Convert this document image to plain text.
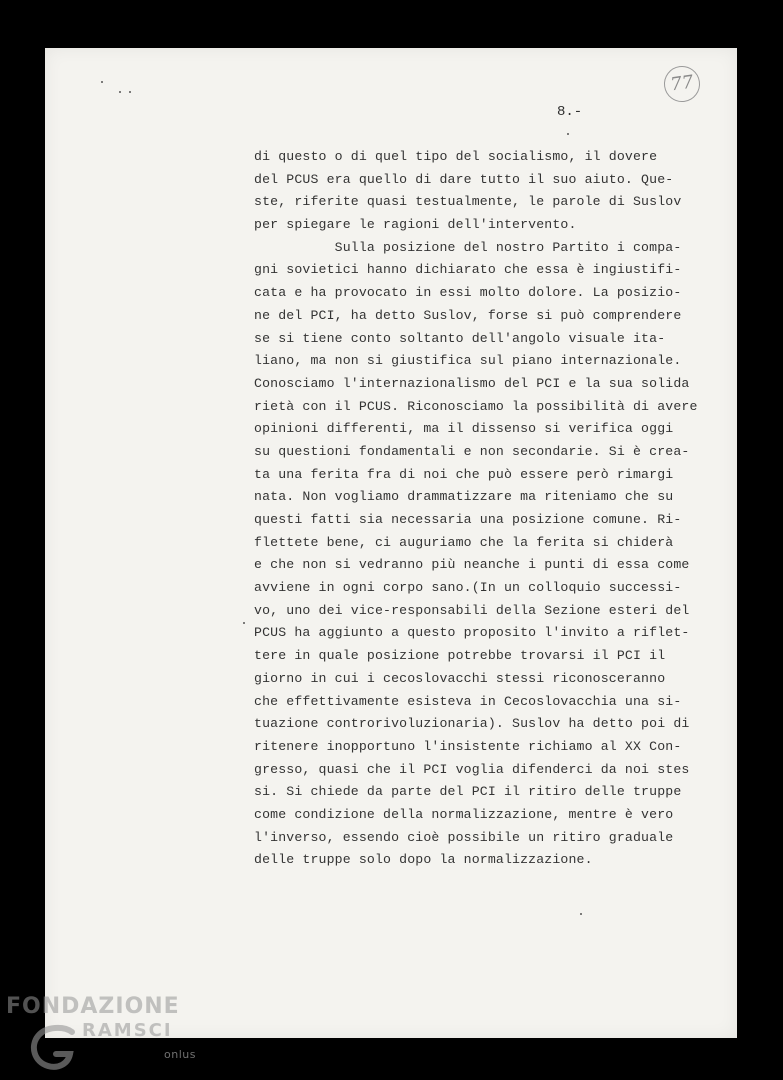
77
8.-
di questo o di quel tipo del socialismo, il dovere
del PCUS era quello di dare tutto il suo aiuto. Que-
ste, riferite quasi testualmente, le parole di Suslov
per spiegare le ragioni dell'intervento.
Sulla posizione del nostro Partito i compa-
gni sovietici hanno dichiarato che essa è ingiustifi-
cata e ha provocato in essi molto dolore. La posizio-
ne del PCI, ha detto Suslov, forse si può comprendere
se si tiene conto soltanto dell'angolo visuale ita-
liano, ma non si giustifica sul piano internazionale.
Conosciamo l'internazionalismo del PCI e la sua solida
rietà con il PCUS. Riconosciamo la possibilità di avere
opinioni differenti, ma il dissenso si verifica oggi
su questioni fondamentali e non secondarie. Si è crea-
ta una ferita fra di noi che può essere però rimargi
nata. Non vogliamo drammatizzare ma riteniamo che su
questi fatti sia necessaria una posizione comune. Ri-
flettete bene, ci auguriamo che la ferita si chiderà
e che non si vedranno più neanche i punti di essa come
avviene in ogni corpo sano.(In un colloquio successi-
vo, uno dei vice-responsabili della Sezione esteri del
PCUS ha aggiunto a questo proposito l'invito a riflet-
tere in quale posizione potrebbe trovarsi il PCI il
giorno in cui i cecoslovacchi stessi riconosceranno
che effettivamente esisteva in Cecoslovacchia una si-
tuazione controrivoluzionaria). Suslov ha detto poi di
ritenere inopportuno l'insistente richiamo al XX Con-
gresso, quasi che il PCI voglia difenderci da noi stes
si. Si chiede da parte del PCI il ritiro delle truppe
come condizione della normalizzazione, mentre è vero
l'inverso, essendo cioè possibile un ritiro graduale
delle truppe solo dopo la normalizzazione.
FONDAZIONE
RAMSCI
onlus
